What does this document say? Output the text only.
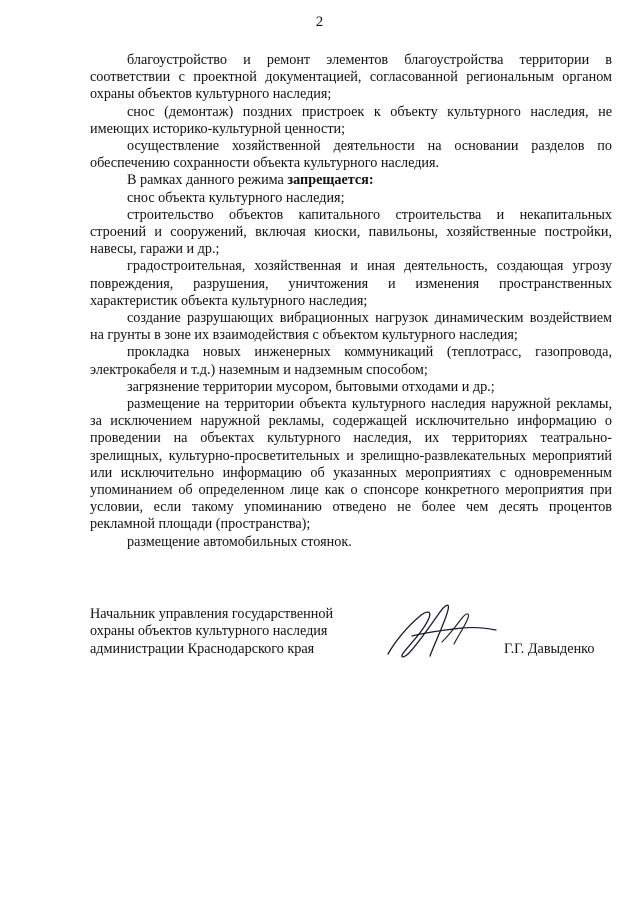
2

благоустройство и ремонт элементов благоустройства территории в соответствии с проектной документацией, согласованной региональным органом охраны объектов культурного наследия;

снос (демонтаж) поздних пристроек к объекту культурного наследия, не имеющих историко-культурной ценности;

осуществление хозяйственной деятельности на основании разделов по обеспечению сохранности объекта культурного наследия.

В рамках данного режима запрещается:

снос объекта культурного наследия;

строительство объектов капитального строительства и некапитальных строений и сооружений, включая киоски, павильоны, хозяйственные постройки, навесы, гаражи и др.;

градостроительная, хозяйственная и иная деятельность, создающая угрозу повреждения, разрушения, уничтожения и изменения пространственных характеристик объекта культурного наследия;

создание разрушающих вибрационных нагрузок динамическим воздействием на грунты в зоне их взаимодействия с объектом культурного наследия;

прокладка новых инженерных коммуникаций (теплотрасс, газопровода, электрокабеля и т.д.) наземным и надземным способом;

загрязнение территории мусором, бытовыми отходами и др.;

размещение на территории объекта культурного наследия наружной рекламы, за исключением наружной рекламы, содержащей исключительно информацию о проведении на объектах культурного наследия, их территориях театрально-зрелищных, культурно-просветительных и зрелищно-развлекательных мероприятий или исключительно информацию об указанных мероприятиях с одновременным упоминанием об определенном лице как о спонсоре конкретного мероприятия при условии, если такому упоминанию отведено не более чем десять процентов рекламной площади (пространства);

размещение автомобильных стоянок.

Начальник управления государственной
охраны объектов культурного наследия
администрации Краснодарского края	Г.Г. Давыденко
